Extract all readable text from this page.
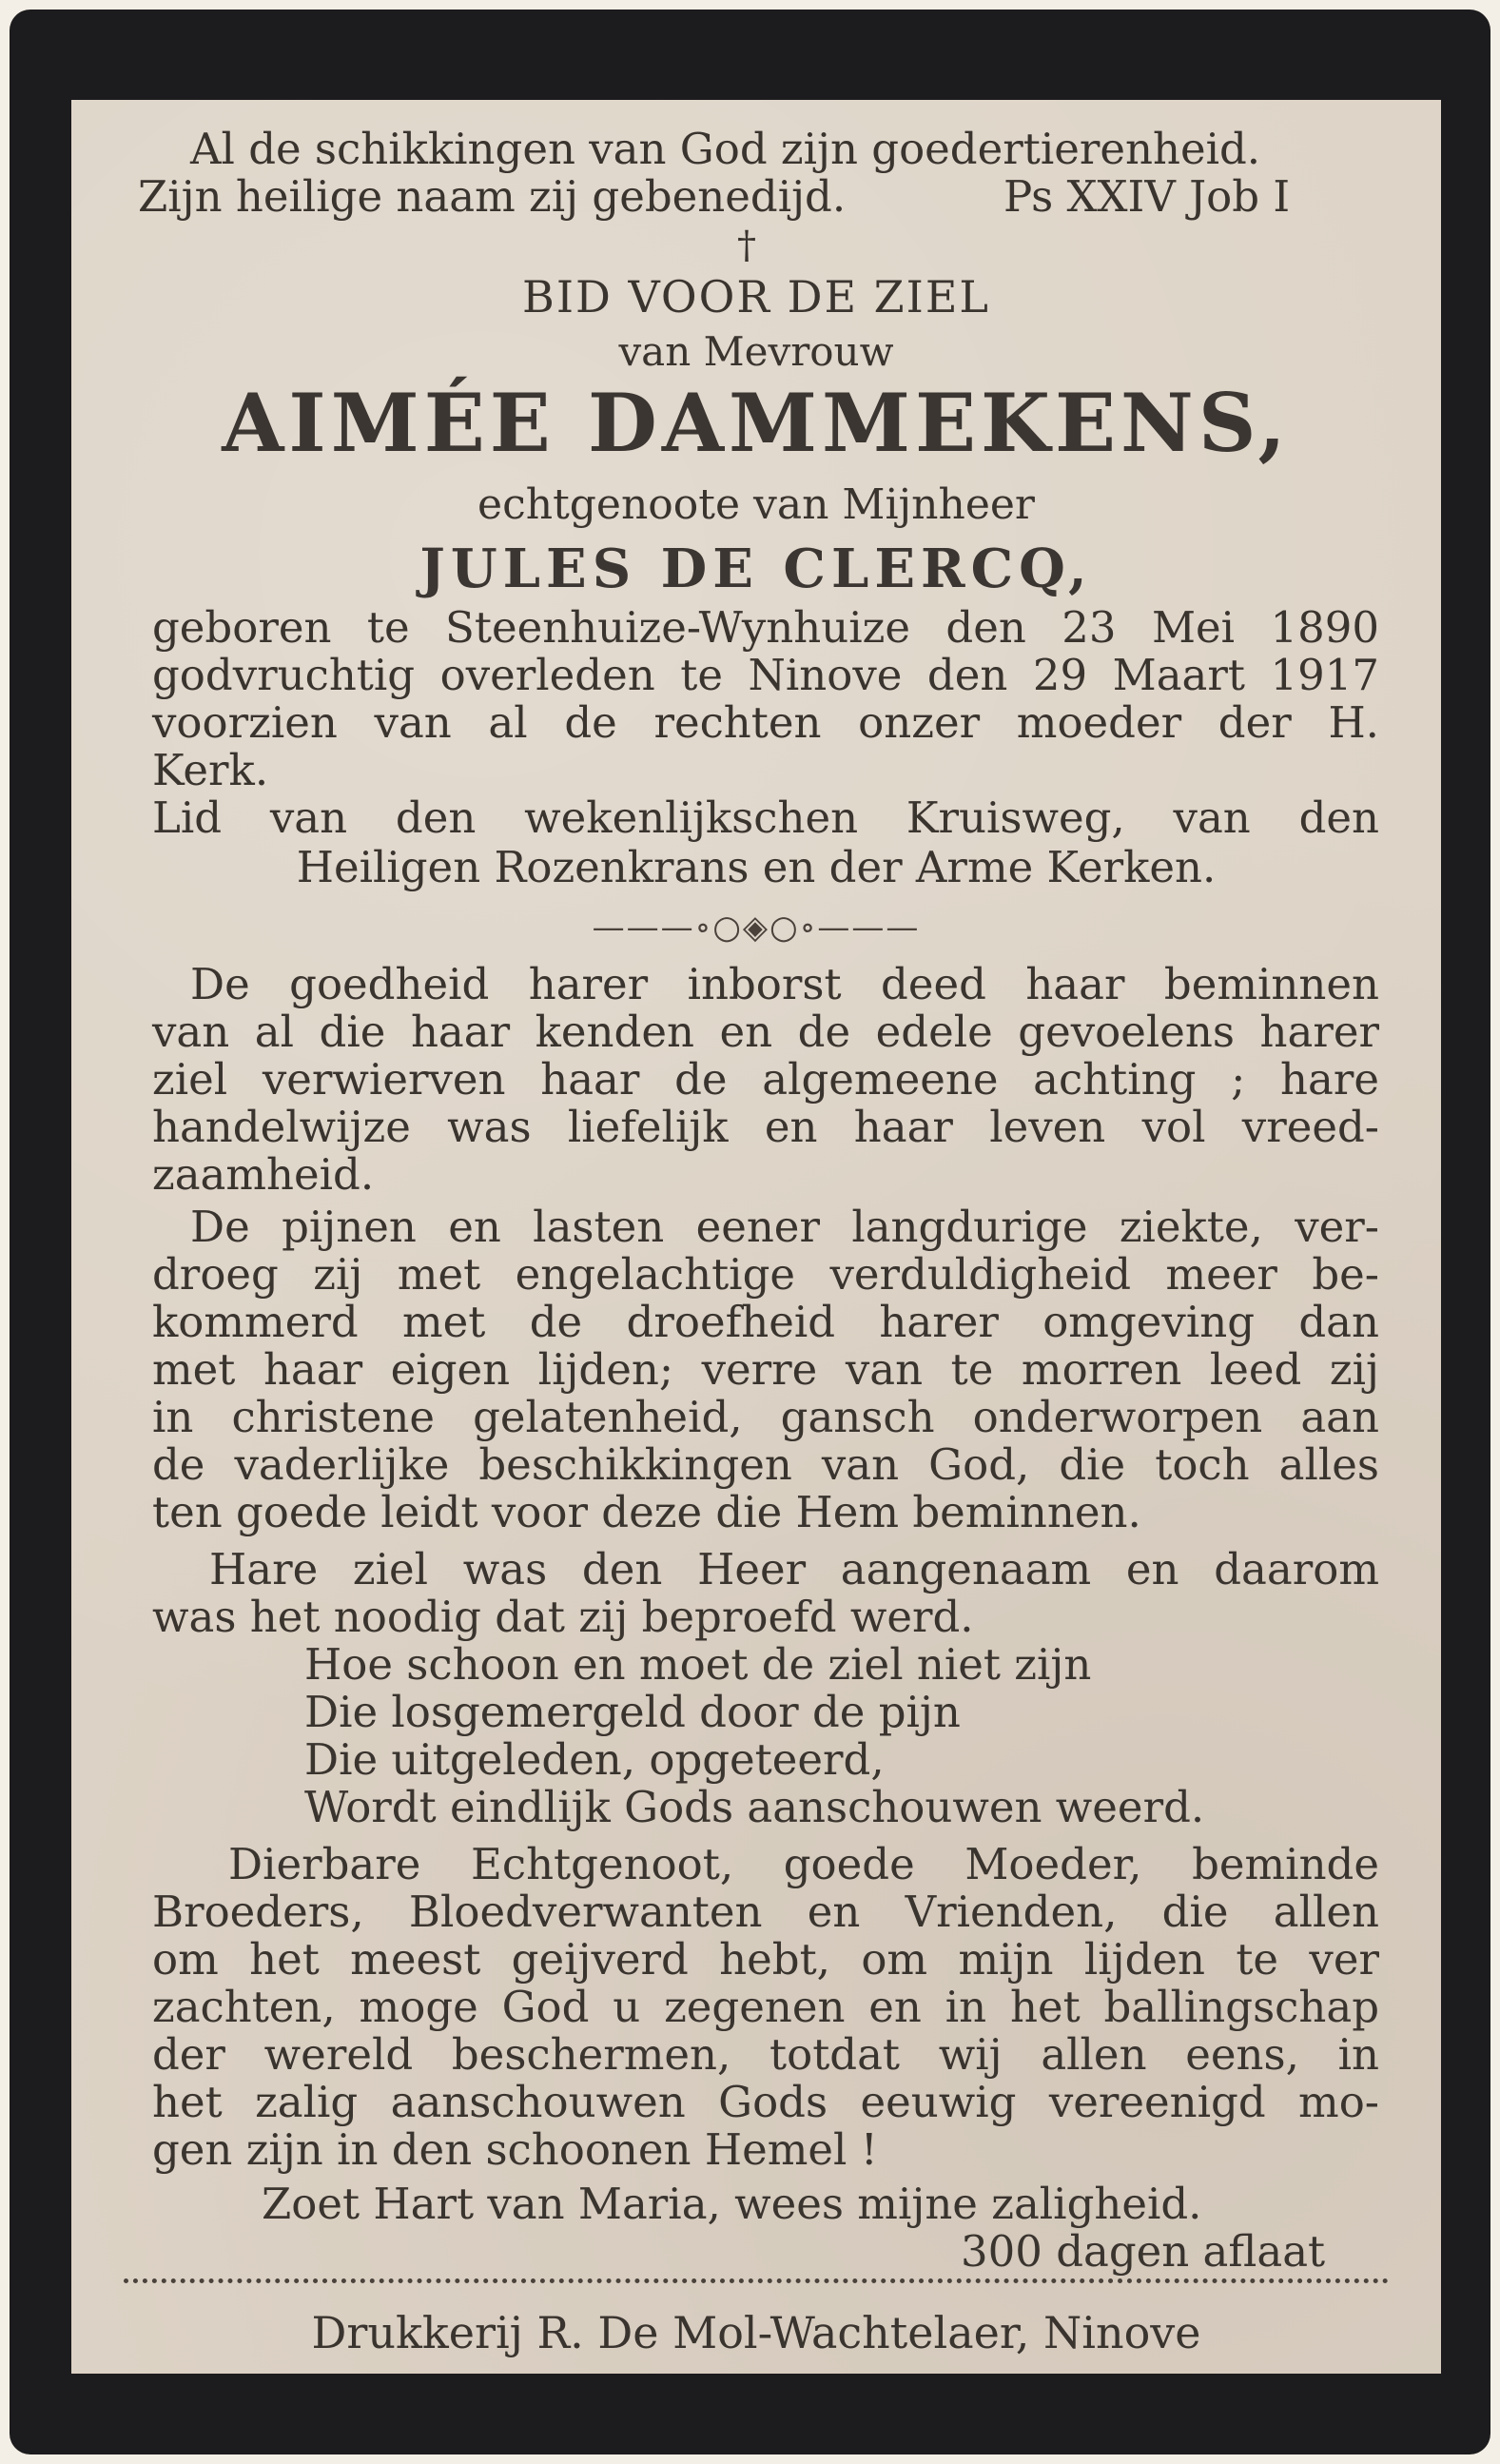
Al de schikkingen van God zijn goedertierenheid.
Zijn heilige naam zij gebenedijd.	Ps XXIV Job I
†
BID VOOR DE ZIEL
van Mevrouw
AIMÉE DAMMEKENS,
echtgenoote van Mijnheer
JULES DE CLERCQ,
geboren te Steenhuize-Wynhuize den 23 Mei 1890
godvruchtig overleden te Ninove den 29 Maart 1917
voorzien van al de rechten onzer moeder der H.
Kerk.
Lid van den wekenlijkschen Kruisweg, van den
Heiligen Rozenkrans en der Arme Kerken.
———∘○◈○∘———
De goedheid harer inborst deed haar beminnen
van al die haar kenden en de edele gevoelens harer
ziel verwierven haar de algemeene achting ; hare
handelwijze was liefelijk en haar leven vol vreed-
zaamheid.
De pijnen en lasten eener langdurige ziekte, ver-
droeg zij met engelachtige verduldigheid meer be-
kommerd met de droefheid harer omgeving dan
met haar eigen lijden; verre van te morren leed zij
in christene gelatenheid, gansch onderworpen aan
de vaderlijke beschikkingen van God, die toch alles
ten goede leidt voor deze die Hem beminnen.
Hare ziel was den Heer aangenaam en daarom
was het noodig dat zij beproefd werd.
Hoe schoon en moet de ziel niet zijn
Die losgemergeld door de pijn
Die uitgeleden, opgeteerd,
Wordt eindlijk Gods aanschouwen weerd.
Dierbare Echtgenoot, goede Moeder, beminde
Broeders, Bloedverwanten en Vrienden, die allen
om het meest geijverd hebt, om mijn lijden te ver
zachten, moge God u zegenen en in het ballingschap
der wereld beschermen, totdat wij allen eens, in
het zalig aanschouwen Gods eeuwig vereenigd mo-
gen zijn in den schoonen Hemel !
Zoet Hart van Maria, wees mijne zaligheid.
300 dagen aflaat
Drukkerij R. De Mol-Wachtelaer, Ninove
